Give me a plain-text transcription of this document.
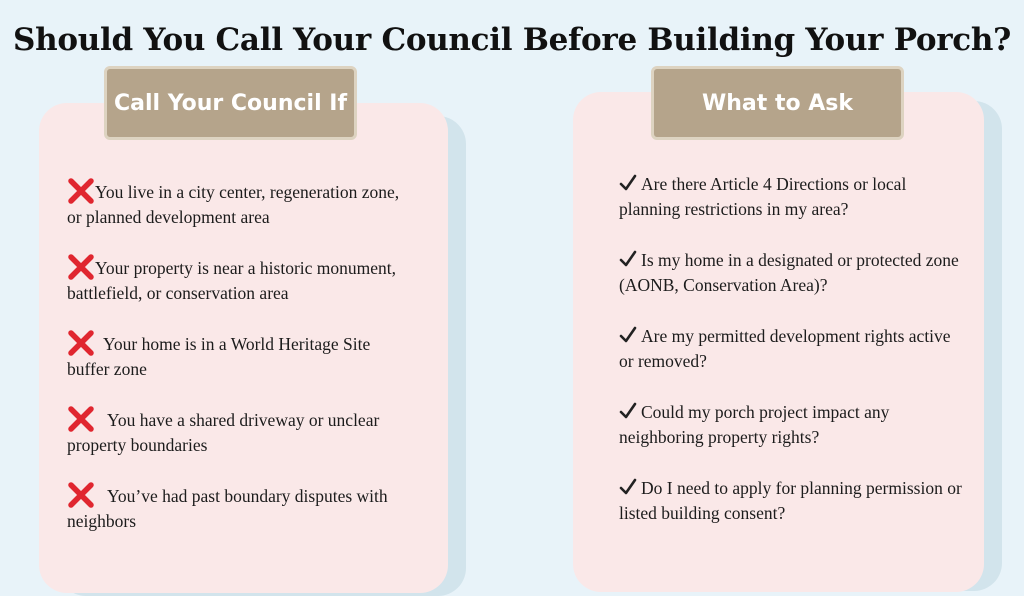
Should You Call Your Council Before Building Your Porch?
Call Your Council If	What to Ask
You live in a city center, regeneration zone, or planned development area
Your property is near a historic monument, battlefield, or conservation area
Your home is in a World Heritage Site buffer zone
You have a shared driveway or unclear property boundaries
You’ve had past boundary disputes with neighbors
Are there Article 4 Directions or local planning restrictions in my area?
Is my home in a designated or protected zone (AONB, Conservation Area)?
Are my permitted development rights active or removed?
Could my porch project impact any neighboring property rights?
Do I need to apply for planning permission or listed building consent?
